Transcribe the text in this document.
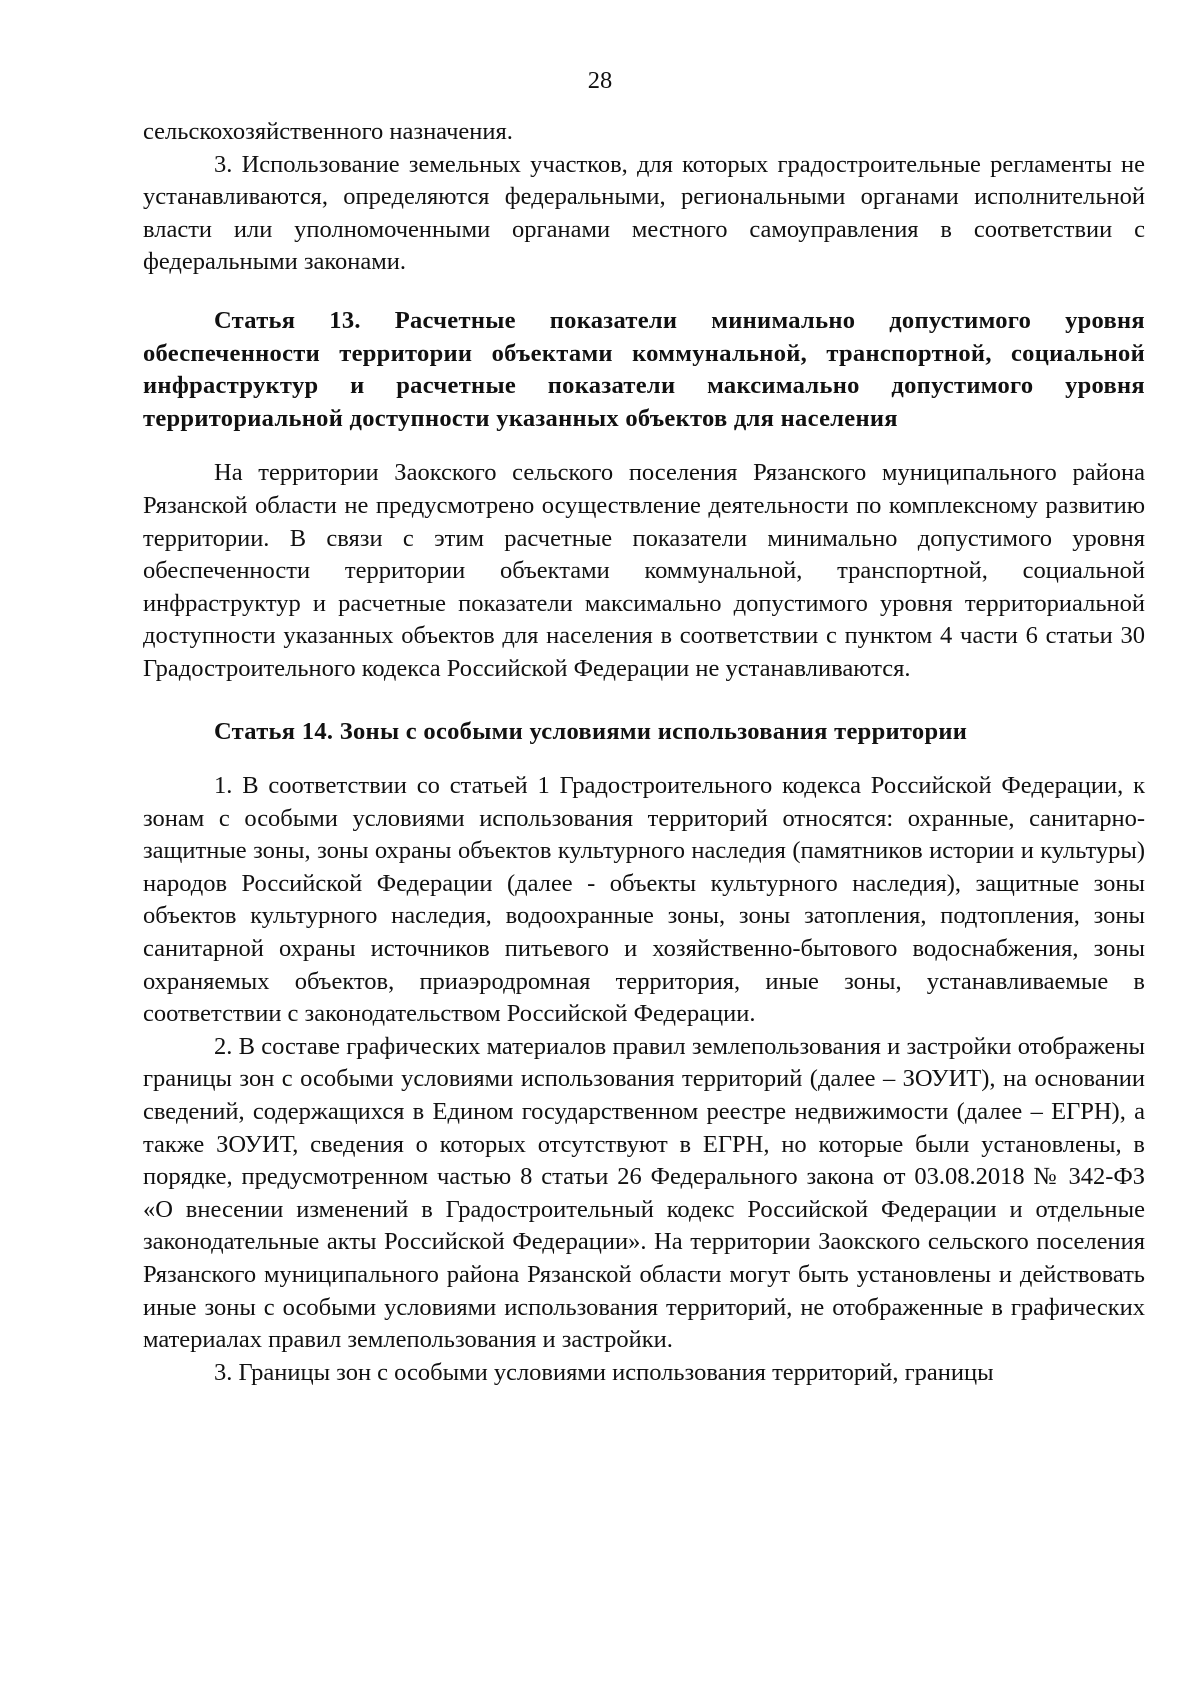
28

сельскохозяйственного назначения.

3. Использование земельных участков, для которых градостроительные регламенты не устанавливаются, определяются федеральными, региональными органами исполнительной власти или уполномоченными органами местного самоуправления в соответствии с федеральными законами.

Статья 13. Расчетные показатели минимально допустимого уровня обеспеченности территории объектами коммунальной, транспортной, социальной инфраструктур и расчетные показатели максимально допустимого уровня территориальной доступности указанных объектов для населения

На территории Заокского сельского поселения Рязанского муниципального района Рязанской области не предусмотрено осуществление деятельности по комплексному развитию территории. В связи с этим расчетные показатели минимально допустимого уровня обеспеченности территории объектами коммунальной, транспортной, социальной инфраструктур и расчетные показатели максимально допустимого уровня территориальной доступности указанных объектов для населения в соответствии с пунктом 4 части 6 статьи 30 Градостроительного кодекса Российской Федерации не устанавливаются.

Статья 14. Зоны с особыми условиями использования территории

1. В соответствии со статьей 1 Градостроительного кодекса Российской Федерации, к зонам с особыми условиями использования территорий относятся: охранные, санитарно-защитные зоны, зоны охраны объектов культурного наследия (памятников истории и культуры) народов Российской Федерации (далее - объекты культурного наследия), защитные зоны объектов культурного наследия, водоохранные зоны, зоны затопления, подтопления, зоны санитарной охраны источников питьевого и хозяйственно-бытового водоснабжения, зоны охраняемых объектов, приаэродромная территория, иные зоны, устанавливаемые в соответствии с законодательством Российской Федерации.

2. В составе графических материалов правил землепользования и застройки отображены границы зон с особыми условиями использования территорий (далее – ЗОУИТ), на основании сведений, содержащихся в Едином государственном реестре недвижимости (далее – ЕГРН), а также ЗОУИТ, сведения о которых отсутствуют в ЕГРН, но которые были установлены, в порядке, предусмотренном частью 8 статьи 26 Федерального закона от 03.08.2018 № 342-ФЗ «О внесении изменений в Градостроительный кодекс Российской Федерации и отдельные законодательные акты Российской Федерации». На территории Заокского сельского поселения Рязанского муниципального района Рязанской области могут быть установлены и действовать иные зоны с особыми условиями использования территорий, не отображенные в графических материалах правил землепользования и застройки.

3. Границы зон с особыми условиями использования территорий, границы
